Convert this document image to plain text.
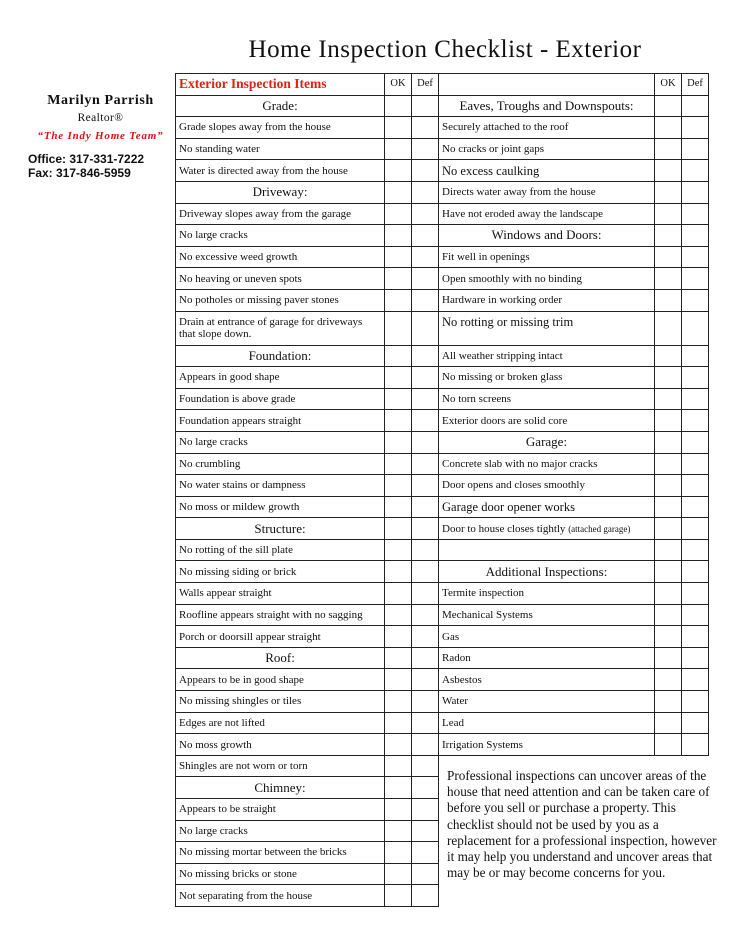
Home Inspection Checklist - Exterior
Marilyn Parrish
Realtor®
“The Indy Home Team”
Office: 317-331-7222
Fax: 317-846-5959
Exterior Inspection Items	OK	Def
Grade:		
Grade slopes away from the house		
No standing water		
Water is directed away from the house		
Driveway:		
Driveway slopes away from the garage		
No large cracks		
No excessive weed growth		
No heaving or uneven spots		
No potholes or missing paver stones		
Drain at entrance of garage for driveways that slope down.		
Foundation:		
Appears in good shape		
Foundation is above grade		
Foundation appears straight		
No large cracks		
No crumbling		
No water stains or dampness		
No moss or mildew growth		
Structure:		
No rotting of the sill plate		
No missing siding or brick		
Walls appear straight		
Roofline appears straight with no sagging		
Porch or doorsill appear straight		
Roof:		
Appears to be in good shape		
No missing shingles or tiles		
Edges are not lifted		
No moss growth		
Shingles are not worn or torn		
Chimney:		
Appears to be straight		
No large cracks		
No missing mortar between the bricks		
No missing bricks or stone		
Not separating from the house		
	OK	Def
Eaves, Troughs and Downspouts:		
Securely attached to the roof		
No cracks or joint gaps		
No excess caulking		
Directs water away from the house		
Have not eroded away the landscape		
Windows and Doors:		
Fit well in openings		
Open smoothly with no binding		
Hardware in working order		
No rotting or missing trim		
All weather stripping intact		
No missing or broken glass		
No torn screens		
Exterior doors are solid core		
Garage:		
Concrete slab with no major cracks		
Door opens and closes smoothly		
Garage door opener works		
Door to house closes tightly (attached garage)		

Additional Inspections:		
Termite inspection		
Mechanical Systems		
Gas		
Radon		
Asbestos		
Water		
Lead		
Irrigation Systems		
Professional inspections can uncover areas of the house that need attention and can be taken care of before you sell or purchase a property. This checklist should not be used by you as a replacement for a professional inspection, however it may help you understand and uncover areas that may be or may become concerns for you.
